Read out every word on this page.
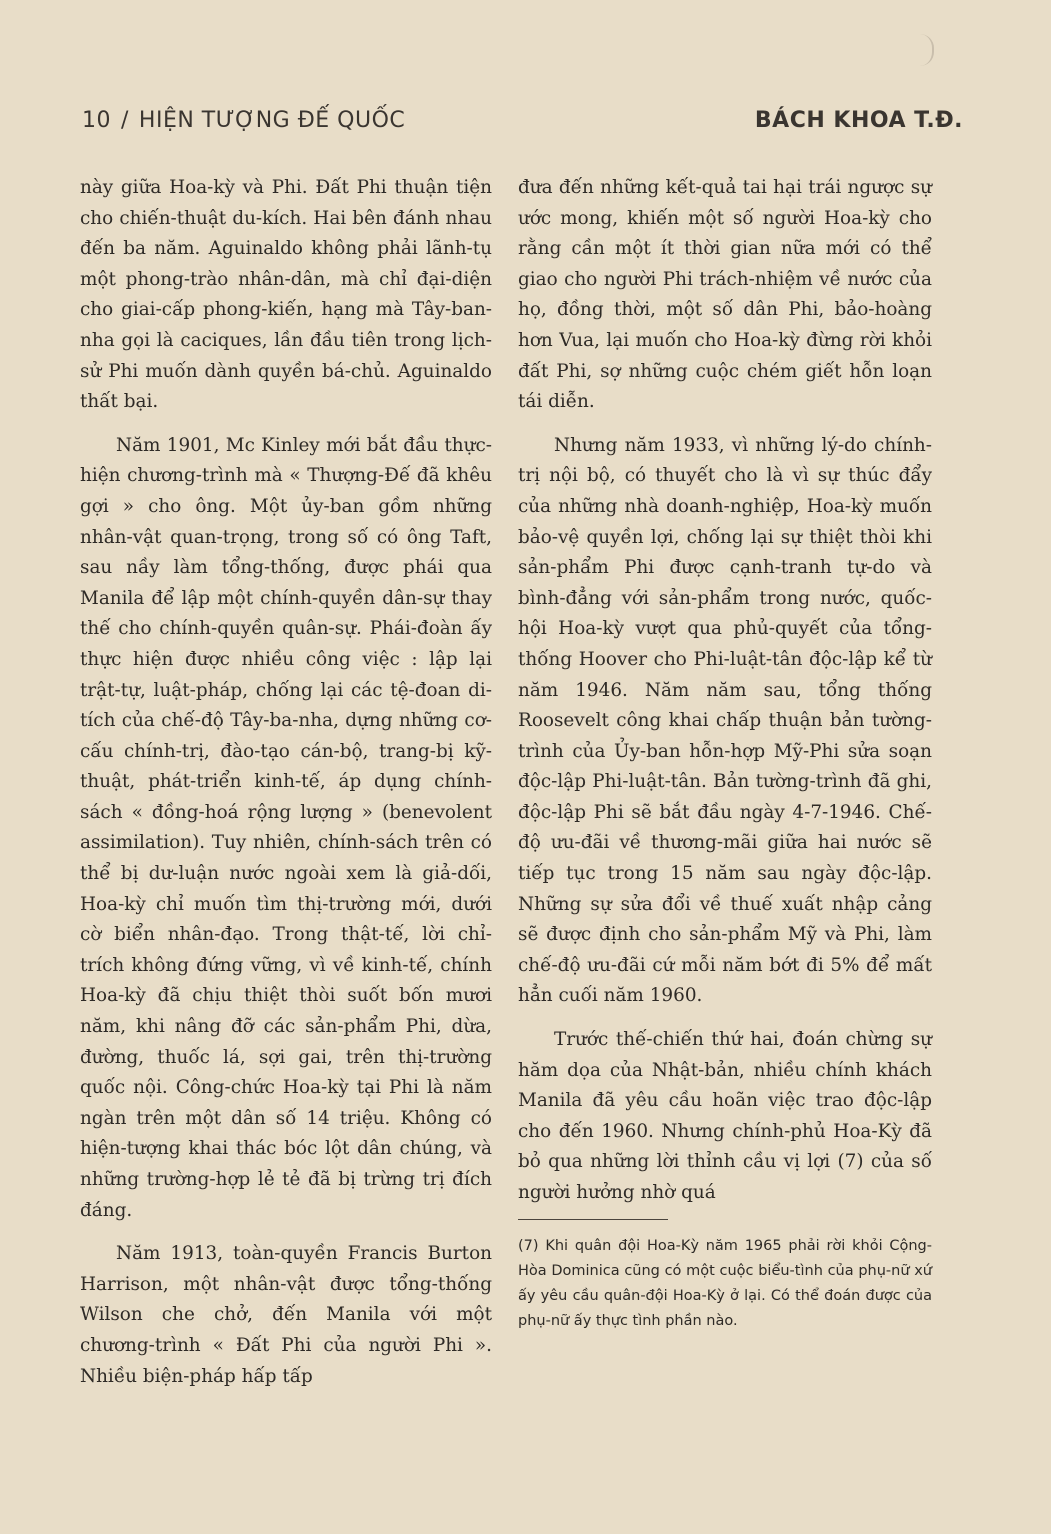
10 / HIỆN TƯỢNG ĐẾ QUỐC	BÁCH KHOA T.Đ.

này giữa Hoa-kỳ và Phi. Đất Phi thuận tiện cho chiến-thuật du-kích. Hai bên đánh nhau đến ba năm. Aguinaldo không phải lãnh-tụ một phong-trào nhân-dân, mà chỉ đại-diện cho giai-cấp phong-kiến, hạng mà Tây-ban-nha gọi là caciques, lần đầu tiên trong lịch-sử Phi muốn dành quyền bá-chủ. Aguinaldo thất bại.

Năm 1901, Mc Kinley mới bắt đầu thực-hiện chương-trình mà « Thượng-Đế đã khêu gợi » cho ông. Một ủy-ban gồm những nhân-vật quan-trọng, trong số có ông Taft, sau nầy làm tổng-thống, được phái qua Manila để lập một chính-quyền dân-sự thay thế cho chính-quyền quân-sự. Phái-đoàn ấy thực hiện được nhiều công việc : lập lại trật-tự, luật-pháp, chống lại các tệ-đoan di-tích của chế-độ Tây-ba-nha, dựng những cơ-cấu chính-trị, đào-tạo cán-bộ, trang-bị kỹ-thuật, phát-triển kinh-tế, áp dụng chính-sách « đồng-hoá rộng lượng » (benevolent assimilation). Tuy nhiên, chính-sách trên có thể bị dư-luận nước ngoài xem là giả-dối, Hoa-kỳ chỉ muốn tìm thị-trường mới, dưới cờ biển nhân-đạo. Trong thật-tế, lời chỉ-trích không đứng vững, vì về kinh-tế, chính Hoa-kỳ đã chịu thiệt thòi suốt bốn mươi năm, khi nâng đỡ các sản-phẩm Phi, dừa, đường, thuốc lá, sợi gai, trên thị-trường quốc nội. Công-chức Hoa-kỳ tại Phi là năm ngàn trên một dân số 14 triệu. Không có hiện-tượng khai thác bóc lột dân chúng, và những trường-hợp lẻ tẻ đã bị trừng trị đích đáng.

Năm 1913, toàn-quyền Francis Burton Harrison, một nhân-vật được tổng-thống Wilson che chở, đến Manila với một chương-trình « Đất Phi của người Phi ». Nhiều biện-pháp hấp tấp

đưa đến những kết-quả tai hại trái ngược sự ước mong, khiến một số người Hoa-kỳ cho rằng cần một ít thời gian nữa mới có thể giao cho người Phi trách-nhiệm về nước của họ, đồng thời, một số dân Phi, bảo-hoàng hơn Vua, lại muốn cho Hoa-kỳ đừng rời khỏi đất Phi, sợ những cuộc chém giết hỗn loạn tái diễn.

Nhưng năm 1933, vì những lý-do chính-trị nội bộ, có thuyết cho là vì sự thúc đẩy của những nhà doanh-nghiệp, Hoa-kỳ muốn bảo-vệ quyền lợi, chống lại sự thiệt thòi khi sản-phẩm Phi được cạnh-tranh tự-do và bình-đẳng với sản-phẩm trong nước, quốc-hội Hoa-kỳ vượt qua phủ-quyết của tổng-thống Hoover cho Phi-luật-tân độc-lập kể từ năm 1946. Năm năm sau, tổng thống Roosevelt công khai chấp thuận bản tường-trình của Ủy-ban hỗn-hợp Mỹ-Phi sửa soạn độc-lập Phi-luật-tân. Bản tường-trình đã ghi, độc-lập Phi sẽ bắt đầu ngày 4-7-1946. Chế-độ ưu-đãi về thương-mãi giữa hai nước sẽ tiếp tục trong 15 năm sau ngày độc-lập. Những sự sửa đổi về thuế xuất nhập cảng sẽ được định cho sản-phẩm Mỹ và Phi, làm chế-độ ưu-đãi cứ mỗi năm bớt đi 5% để mất hẳn cuối năm 1960.

Trước thế-chiến thứ hai, đoán chừng sự hăm dọa của Nhật-bản, nhiều chính khách Manila đã yêu cầu hoãn việc trao độc-lập cho đến 1960. Nhưng chính-phủ Hoa-Kỳ đã bỏ qua những lời thỉnh cầu vị lợi (7) của số người hưởng nhờ quá

(7) Khi quân đội Hoa-Kỳ năm 1965 phải rời khỏi Cộng-Hòa Dominica cũng có một cuộc biểu-tình của phụ-nữ xứ ấy yêu cầu quân-đội Hoa-Kỳ ở lại. Có thể đoán được của phụ-nữ ấy thực tình phần nào.
